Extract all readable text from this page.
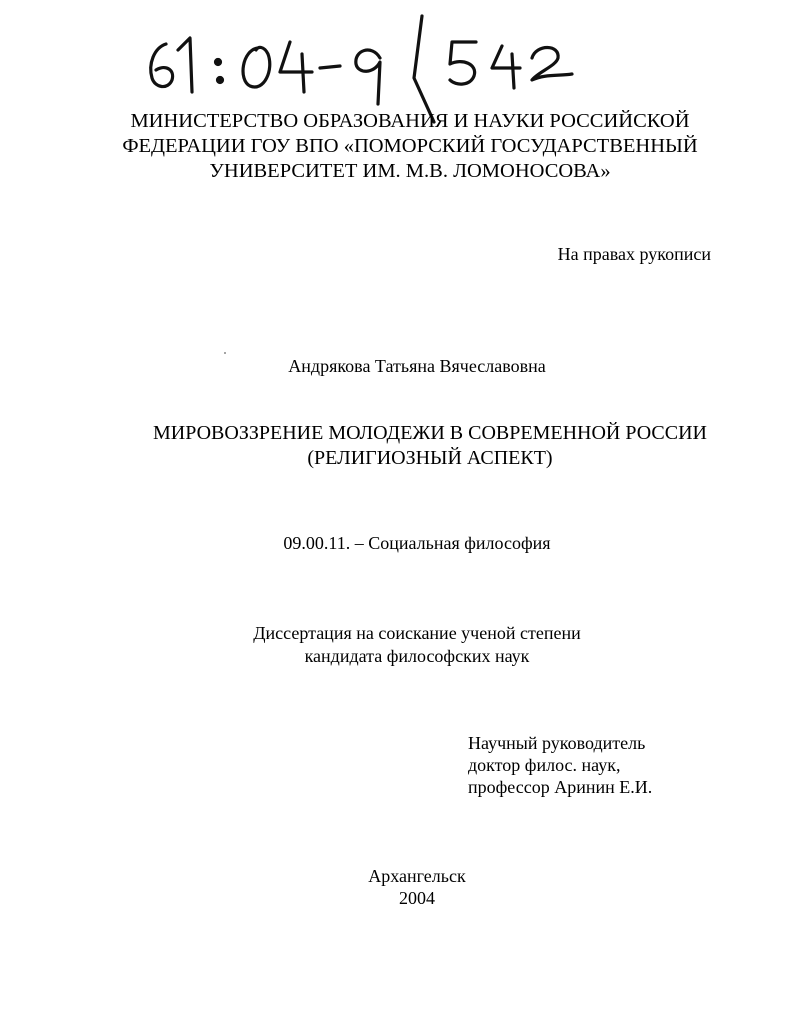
МИНИСТЕРСТВО ОБРАЗОВАНИЯ И НАУКИ РОССИЙСКОЙ
ФЕДЕРАЦИИ ГОУ ВПО «ПОМОРСКИЙ ГОСУДАРСТВЕННЫЙ
УНИВЕРСИТЕТ ИМ. М.В. ЛОМОНОСОВА»
На правах рукописи
Андрякова Татьяна Вячеславовна
МИРОВОЗЗРЕНИЕ МОЛОДЕЖИ В СОВРЕМЕННОЙ РОССИИ
(РЕЛИГИОЗНЫЙ АСПЕКТ)
09.00.11. – Социальная философия
Диссертация на соискание ученой степени
кандидата философских наук
Научный руководитель
доктор филос. наук,
профессор Аринин Е.И.
Архангельск
2004
